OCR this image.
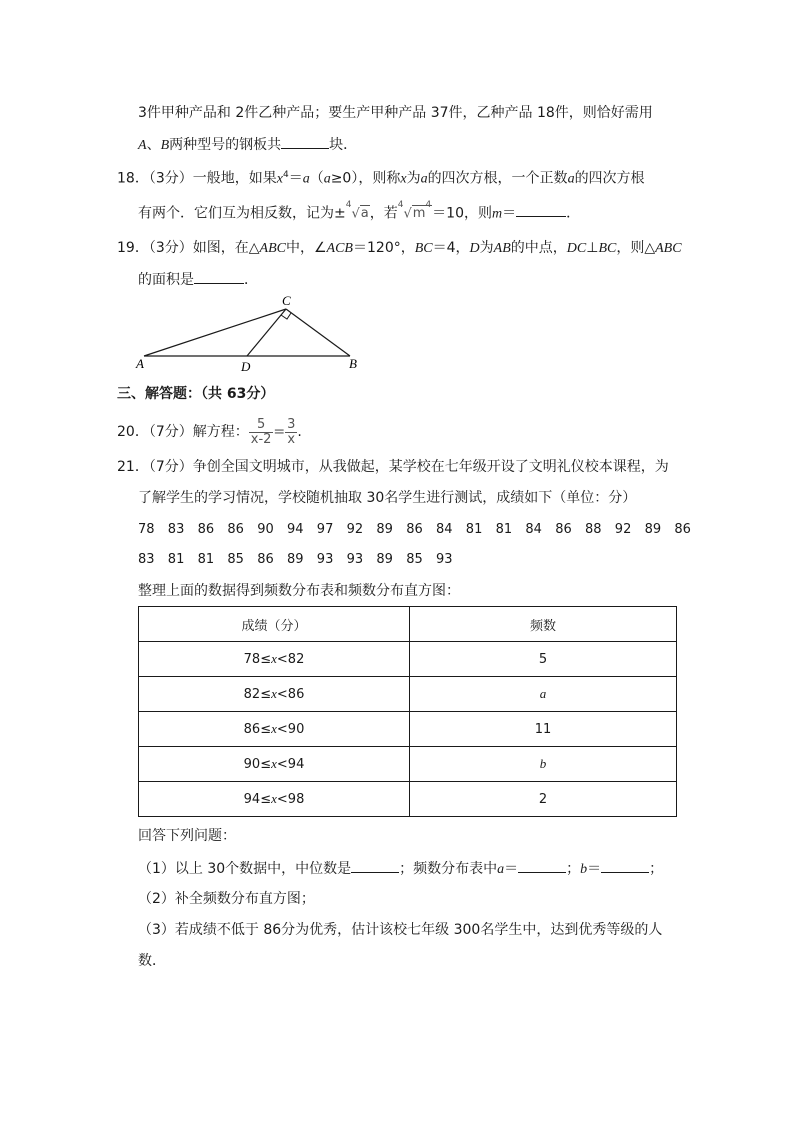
3件甲种产品和 2件乙种产品；要生产甲种产品 37件，乙种产品 18件，则恰好需用
A、B两种型号的钢板共	块．
18．（3分）一般地，如果$x^4=a(a\ge 0)$，则称x为a的四次方根，一个正数a的四次方根
有两个．它们互为相反数，记为±$^4$√a，若$^4√m^4=10$，则m＝	．
19．（3分）如图，在△ABC中，∠ACB＝120°，BC＝4，D为AB的中点，DC⊥BC，则△ABC
的面积是	．
A	B
C
D
三、解答题：（共 63分）
20．（7分）解方程： $\frac{5}{x-2} = \frac{3}{x}$ .
21．（7分）争创全国文明城市，从我做起，某学校在七年级开设了文明礼仪校本课程，为
了解学生的学习情况，学校随机抽取 30名学生进行测试，成绩如下（单位：分）
78	83	86	86	90	94	97	92	89	86	84	81	81	84	86	88	92	89	86
83	81	81	85	86	89	93	93	89	85	93
整理上面的数据得到频数分布表和频数分布直方图：
成绩（分）	频数
78≤x<82	5
82≤x<86	a
86≤x<90	11
90≤x<94	b
94≤x<98	2
回答下列问题：
（1）以上 30个数据中，中位数是	；频数分布表中a＝	；b＝	；
（2）补全频数分布直方图；
（3）若成绩不低于 86分为优秀，估计该校七年级 300名学生中，达到优秀等级的人
数．
